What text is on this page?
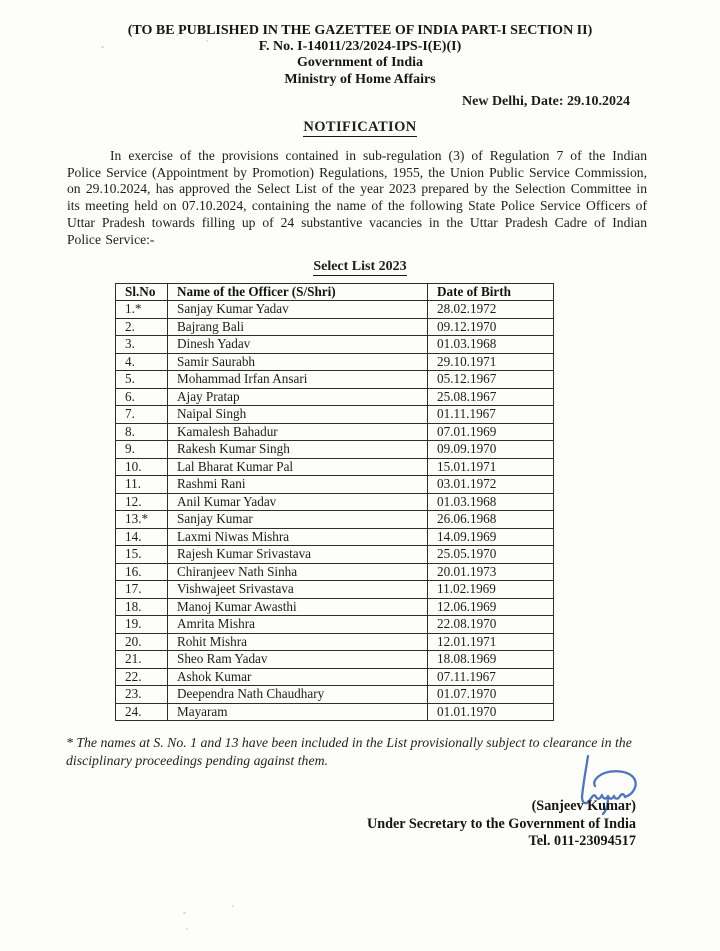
(TO BE PUBLISHED IN THE GAZETTEE OF INDIA PART-I SECTION II)
F. No. I-14011/23/2024-IPS-I(E)(I)
Government of India
Ministry of Home Affairs
New Delhi, Date: 29.10.2024
NOTIFICATION

In exercise of the provisions contained in sub-regulation (3) of Regulation 7 of the Indian Police Service (Appointment by Promotion) Regulations, 1955, the Union Public Service Commission, on 29.10.2024, has approved the Select List of the year 2023 prepared by the Selection Committee in its meeting held on 07.10.2024, containing the name of the following State Police Service Officers of Uttar Pradesh towards filling up of 24 substantive vacancies in the Uttar Pradesh Cadre of Indian Police Service:-

Select List 2023
Sl.No	Name of the Officer (S/Shri)	Date of Birth
1.*	Sanjay Kumar Yadav	28.02.1972
2.	Bajrang Bali	09.12.1970
3.	Dinesh Yadav	01.03.1968
4.	Samir Saurabh	29.10.1971
5.	Mohammad Irfan Ansari	05.12.1967
6.	Ajay Pratap	25.08.1967
7.	Naipal Singh	01.11.1967
8.	Kamalesh Bahadur	07.01.1969
9.	Rakesh Kumar Singh	09.09.1970
10.	Lal Bharat Kumar Pal	15.01.1971
11.	Rashmi Rani	03.01.1972
12.	Anil Kumar Yadav	01.03.1968
13.*	Sanjay Kumar	26.06.1968
14.	Laxmi Niwas Mishra	14.09.1969
15.	Rajesh Kumar Srivastava	25.05.1970
16.	Chiranjeev Nath Sinha	20.01.1973
17.	Vishwajeet Srivastava	11.02.1969
18.	Manoj Kumar Awasthi	12.06.1969
19.	Amrita Mishra	22.08.1970
20.	Rohit Mishra	12.01.1971
21.	Sheo Ram Yadav	18.08.1969
22.	Ashok Kumar	07.11.1967
23.	Deependra Nath Chaudhary	01.07.1970
24.	Mayaram	01.01.1970

* The names at S. No. 1 and 13 have been included in the List provisionally subject to clearance in the disciplinary proceedings pending against them.

(Sanjeev Kumar)
Under Secretary to the Government of India
Tel. 011-23094517
